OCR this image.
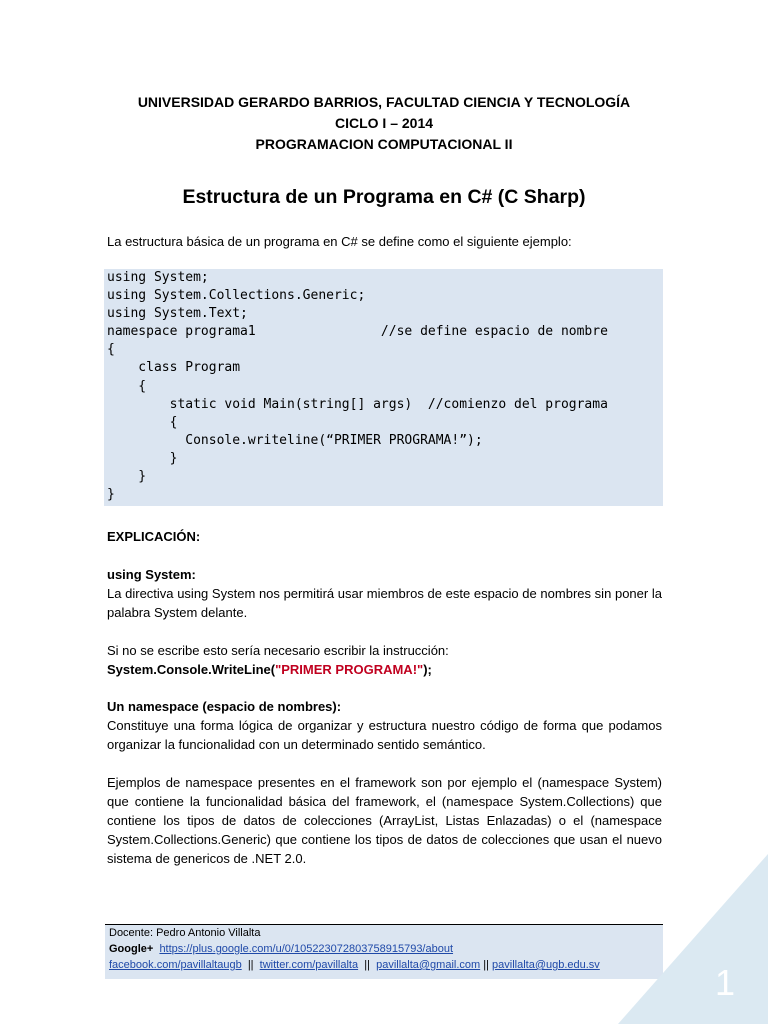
UNIVERSIDAD GERARDO BARRIOS, FACULTAD CIENCIA Y TECNOLOGÍA
CICLO I – 2014
PROGRAMACION COMPUTACIONAL II
Estructura de un Programa en C# (C Sharp)
La estructura básica de un programa en C# se define como el siguiente ejemplo:
using System;
using System.Collections.Generic;
using System.Text;
namespace programa1                //se define espacio de nombre
{
class Program
{
static void Main(string[] args)  //comienzo del programa
{
Console.writeline(“PRIMER PROGRAMA!”);
}
}
}
EXPLICACIÓN:
using System:
La directiva using System nos permitirá usar miembros de este espacio de nombres sin poner la palabra System delante.
Si no se escribe esto sería necesario escribir la instrucción:
System.Console.WriteLine("PRIMER PROGRAMA!");
Un namespace (espacio de nombres):
Constituye una forma lógica de organizar y estructura nuestro código de forma que podamos organizar la funcionalidad con un determinado sentido semántico.
Ejemplos de namespace presentes en el framework son por ejemplo el (namespace System) que contiene la funcionalidad básica del framework, el (namespace System.Collections) que contiene los tipos de datos de colecciones (ArrayList, Listas Enlazadas) o el (namespace System.Collections.Generic) que contiene los tipos de datos de colecciones que usan el nuevo sistema de genericos de .NET 2.0.
Docente: Pedro Antonio Villalta
Google+ https://plus.google.com/u/0/105223072803758915793/about
facebook.com/pavillaltaugb || twitter.com/pavillalta || pavillalta@gmail.com || pavillalta@ugb.edu.sv	1
